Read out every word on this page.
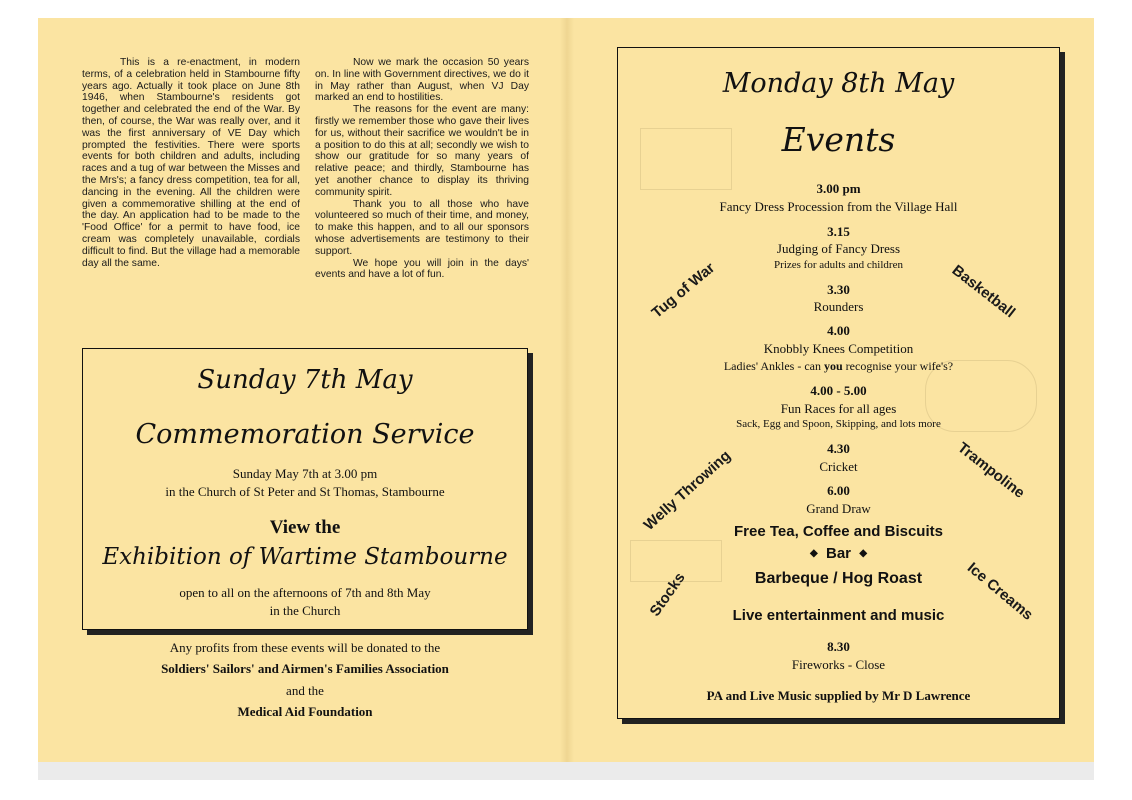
This is a re-enactment, in modern terms, of a celebration held in Stambourne fifty years ago. Actually it took place on June 8th 1946, when Stambourne's residents got together and celebrated the end of the War. By then, of course, the War was really over, and it was the first anniversary of VE Day which prompted the festivities. There were sports events for both children and adults, including races and a tug of war between the Misses and the Mrs's; a fancy dress competition, tea for all, dancing in the evening. All the children were given a commemorative shilling at the end of the day. An application had to be made to the 'Food Office' for a permit to have food, ice cream was completely unavailable, cordials difficult to find. But the village had a memorable day all the same.

Now we mark the occasion 50 years on. In line with Government directives, we do it in May rather than August, when VJ Day marked an end to hostilities.

The reasons for the event are many: firstly we remember those who gave their lives for us, without their sacrifice we wouldn't be in a position to do this at all; secondly we wish to show our gratitude for so many years of relative peace; and thirdly, Stambourne has yet another chance to display its thriving community spirit.

Thank you to all those who have volunteered so much of their time, and money, to make this happen, and to all our sponsors whose advertisements are testimony to their support.

We hope you will join in the days' events and have a lot of fun.

Sunday 7th May
Commemoration Service
Sunday May 7th at 3.00 pm
in the Church of St Peter and St Thomas, Stambourne
View the
Exhibition of Wartime Stambourne
open to all on the afternoons of 7th and 8th May
in the Church
Any profits from these events will be donated to the
Soldiers' Sailors' and Airmen's Families Association
and the
Medical Aid Foundation
Monday 8th May
Events
3.00 pm
Fancy Dress Procession from the Village Hall
3.15
Judging of Fancy Dress
Prizes for adults and children
3.30
Rounders
4.00
Knobbly Knees Competition
Ladies' Ankles - can you recognise your wife's?
4.00 - 5.00
Fun Races for all ages
Sack, Egg and Spoon, Skipping, and lots more
4.30
Cricket
6.00
Grand Draw
Free Tea, Coffee and Biscuits
◆ Bar ◆
Barbeque / Hog Roast
Live entertainment and music
8.30
Fireworks - Close
PA and Live Music supplied by Mr D Lawrence
Tug of War	Basketball
Welly Throwing	Trampoline
Stocks	Ice Creams
